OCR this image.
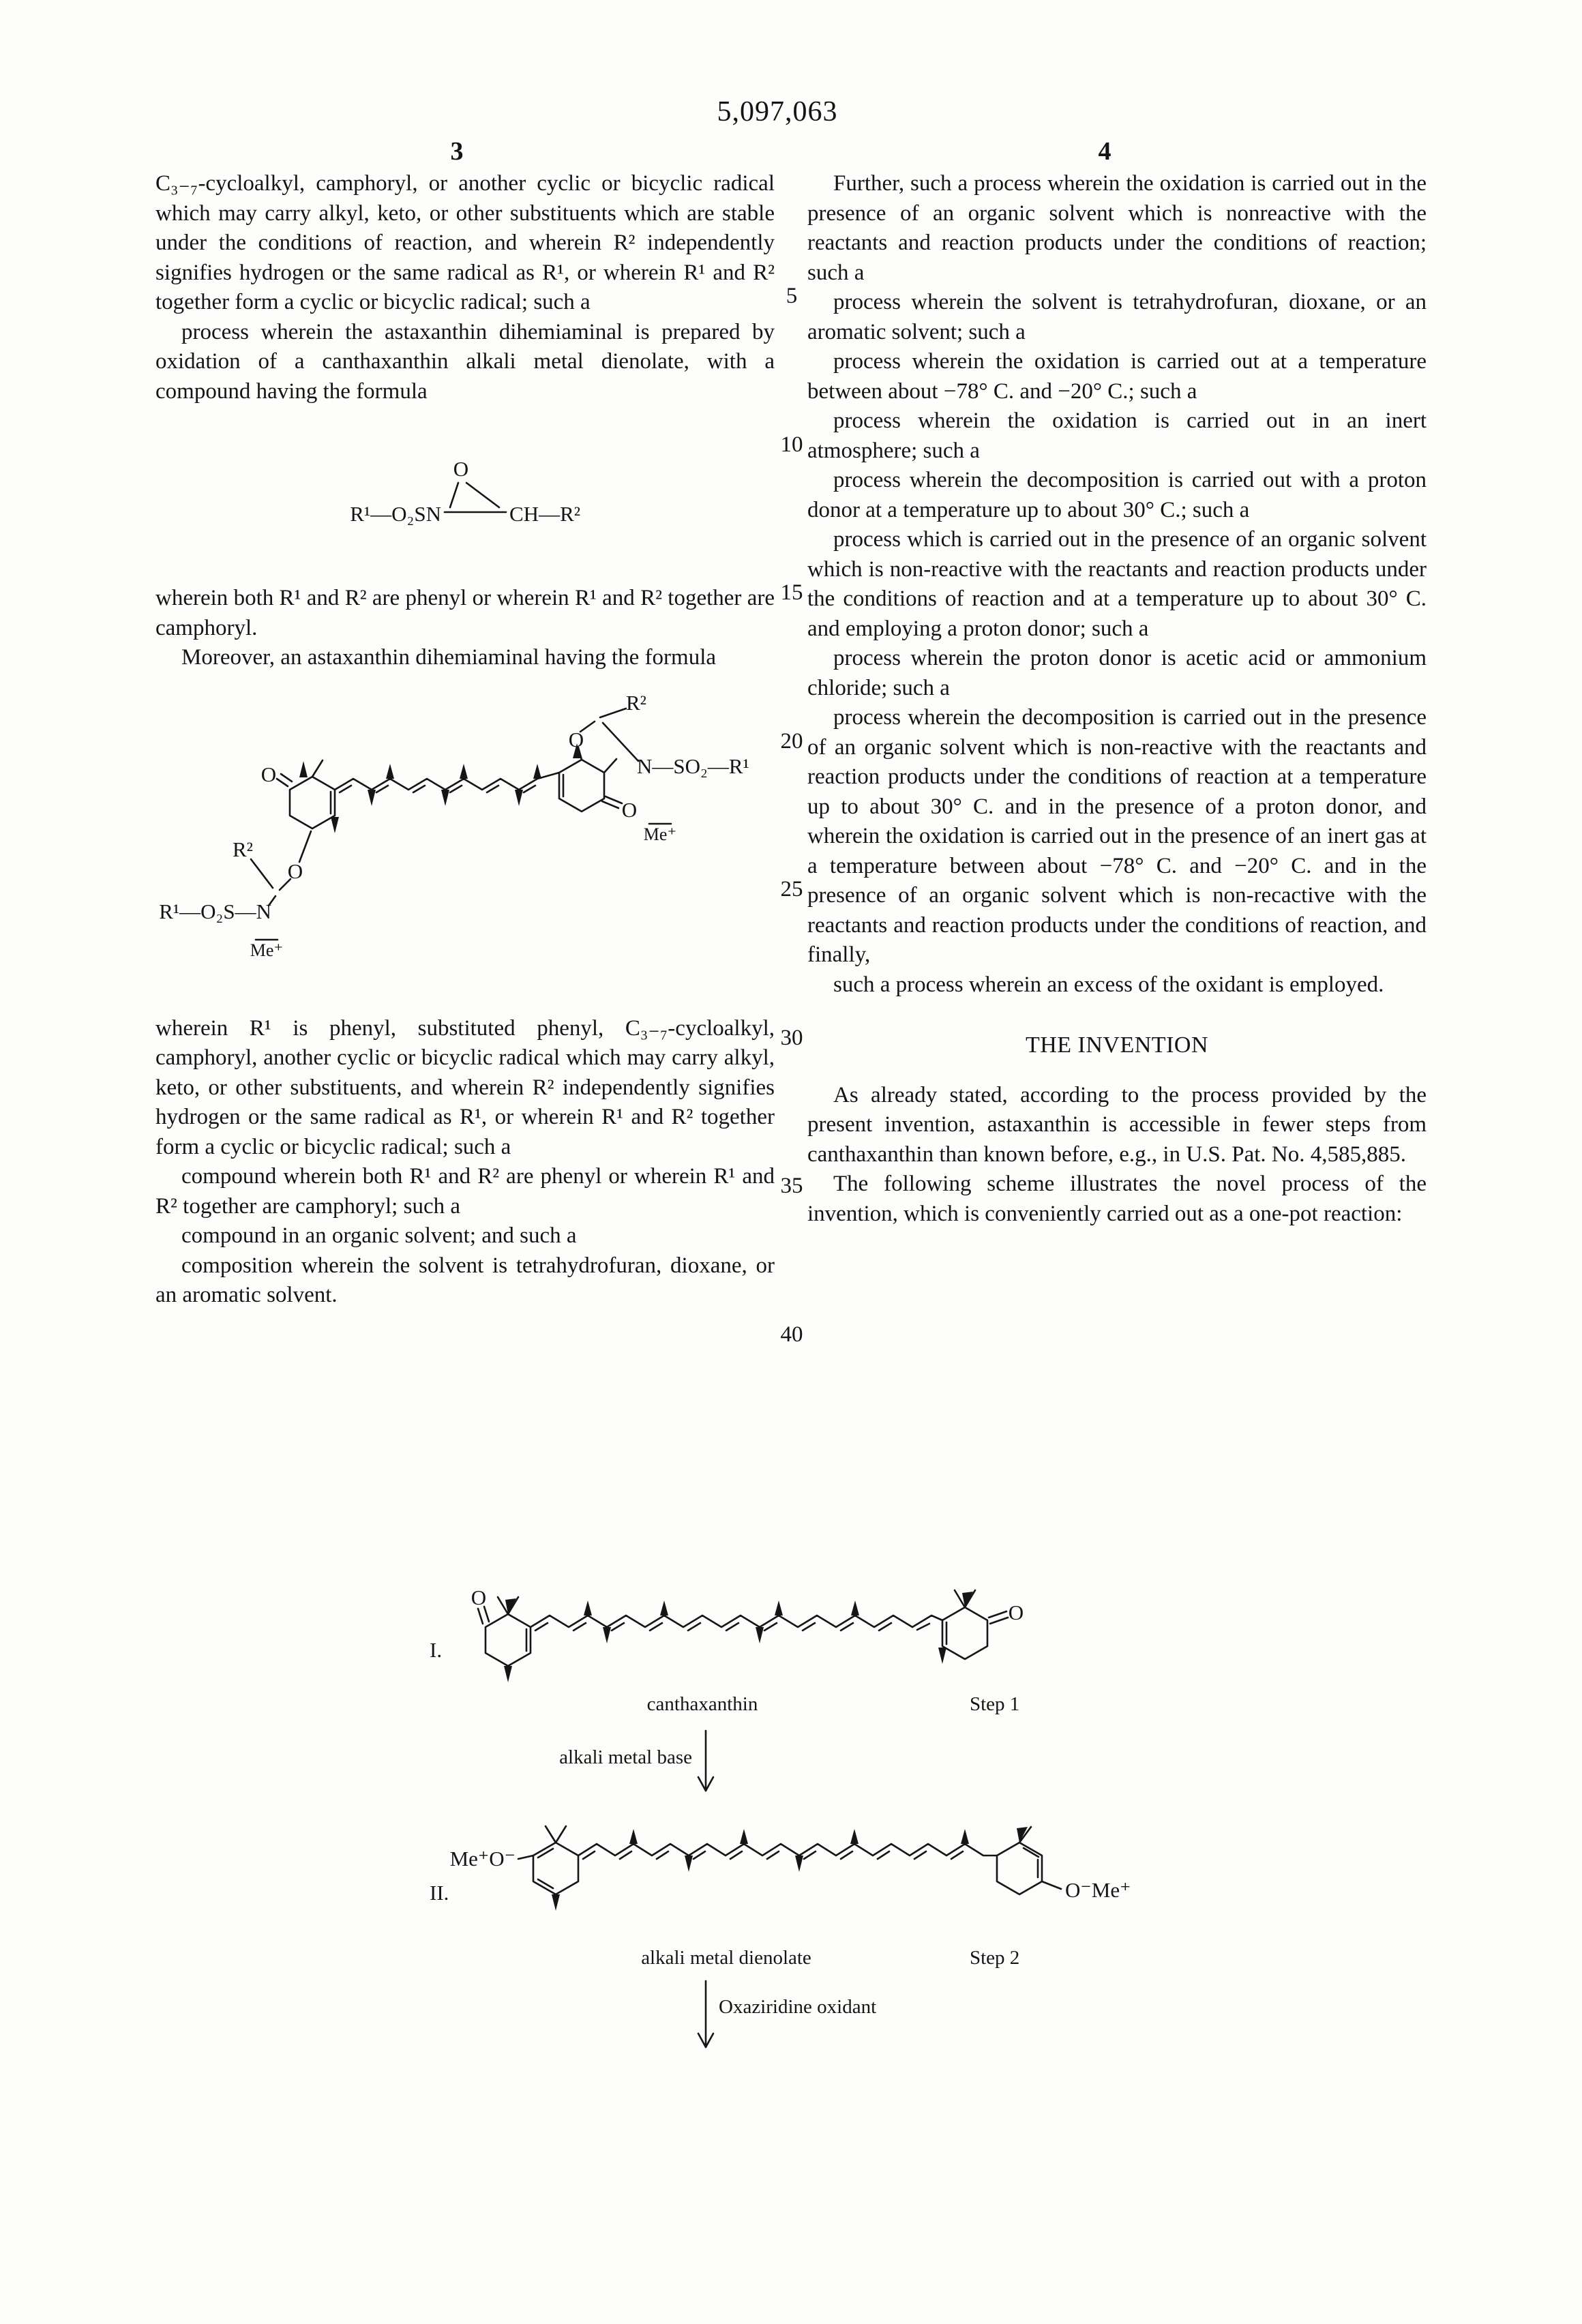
5,097,063
3	4
5
10
15
20
25
30
35
40

C₃₋₇-cycloalkyl, camphoryl, or another cyclic or bicyclic radical which may carry alkyl, keto, or other substituents which are stable under the conditions of reaction, and wherein R² independently signifies hydrogen or the same radical as R¹, or wherein R¹ and R² together form a cyclic or bicyclic radical; such a

process wherein the astaxanthin dihemiaminal is prepared by oxidation of a canthaxanthin alkali metal dienolate, with a compound having the formula

O
R¹—O₂SN	CH—R²

wherein both R¹ and R² are phenyl or wherein R¹ and R² together are camphoryl.

Moreover, an astaxanthin dihemiaminal having the formula

O
R²
O
R¹—O₂S—N
Me⁺
O
R²
N—SO₂—R¹
O
Me⁺

wherein R¹ is phenyl, substituted phenyl, C₃₋₇-cycloalkyl, camphoryl, another cyclic or bicyclic radical which may carry alkyl, keto, or other substituents, and wherein R² independently signifies hydrogen or the same radical as R¹, or wherein R¹ and R² together form a cyclic or bicyclic radical; such a

compound wherein both R¹ and R² are phenyl or wherein R¹ and R² together are camphoryl; such a

compound in an organic solvent; and such a

composition wherein the solvent is tetrahydrofuran, dioxane, or an aromatic solvent.

Further, such a process wherein the oxidation is carried out in the presence of an organic solvent which is nonreactive with the reactants and reaction products under the conditions of reaction; such a

process wherein the solvent is tetrahydrofuran, dioxane, or an aromatic solvent; such a

process wherein the oxidation is carried out at a temperature between about −78° C. and −20° C.; such a

process wherein the oxidation is carried out in an inert atmosphere; such a

process wherein the decomposition is carried out with a proton donor at a temperature up to about 30° C.; such a

process which is carried out in the presence of an organic solvent which is non-reactive with the reactants and reaction products under the conditions of reaction and at a temperature up to about 30° C. and employing a proton donor; such a

process wherein the proton donor is acetic acid or ammonium chloride; such a

process wherein the decomposition is carried out in the presence of an organic solvent which is non-reactive with the reactants and reaction products under the conditions of reaction at a temperature up to about 30° C. and in the presence of a proton donor, and wherein the oxidation is carried out in the presence of an inert gas at a temperature between about −78° C. and −20° C. and in the presence of an organic solvent which is non-recactive with the reactants and reaction products under the conditions of reaction, and finally,

such a process wherein an excess of the oxidant is employed.

THE INVENTION

As already stated, according to the process provided by the present invention, astaxanthin is accessible in fewer steps from canthaxanthin than known before, e.g., in U.S. Pat. No. 4,585,885.

The following scheme illustrates the novel process of the invention, which is conveniently carried out as a one-pot reaction:

O
O
I.
canthaxanthin	Step 1
alkali metal base
Me⁺O⁻
O⁻Me⁺
II.
alkali metal dienolate	Step 2
Oxaziridine oxidant
